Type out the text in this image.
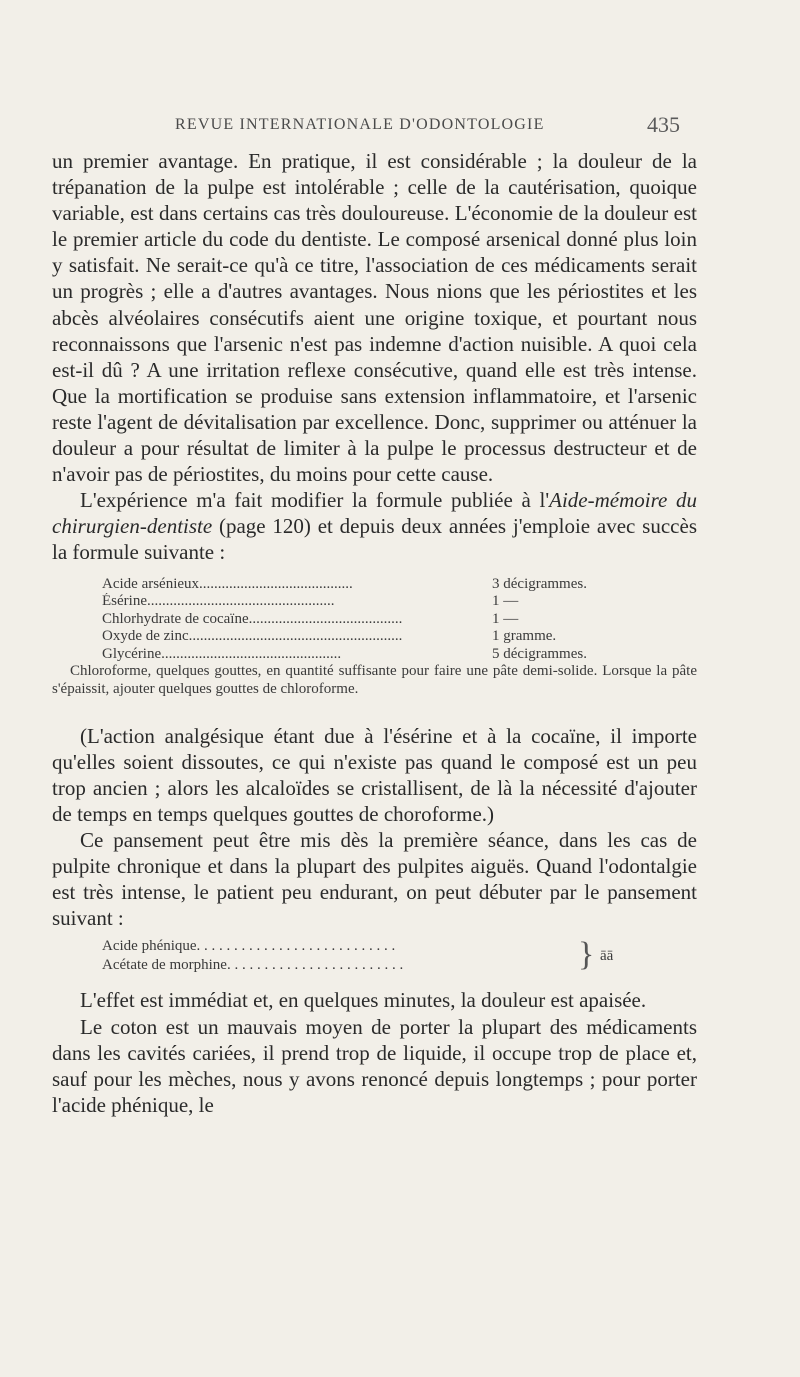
REVUE INTERNATIONALE D'ODONTOLOGIE	435

un premier avantage. En pratique, il est considérable ; la douleur de la trépanation de la pulpe est intolérable ; celle de la cautérisation, quoique variable, est dans certains cas très douloureuse. L'économie de la douleur est le premier article du code du dentiste. Le composé arsenical donné plus loin y satisfait. Ne serait-ce qu'à ce titre, l'association de ces médicaments serait un progrès ; elle a d'autres avantages. Nous nions que les périostites et les abcès alvéolaires consécutifs aient une origine toxique, et pourtant nous reconnaissons que l'arsenic n'est pas indemne d'action nuisible. A quoi cela est-il dû ? A une irritation reflexe consécutive, quand elle est très intense. Que la mortification se produise sans extension inflammatoire, et l'arsenic reste l'agent de dévitalisation par excellence. Donc, supprimer ou atténuer la douleur a pour résultat de limiter à la pulpe le processus destructeur et de n'avoir pas de périostites, du moins pour cette cause.

L'expérience m'a fait modifier la formule publiée à l'Aide-mémoire du chirurgien-dentiste (page 120) et depuis deux années j'emploie avec succès la formule suivante :

Acide arsénieux.........................................	3 décigrammes.
Ésérine..................................................	1 —
Chlorhydrate de cocaïne.........................................	1 —
Oxyde de zinc.........................................................	1 gramme.
Glycérine................................................	5 décigrammes.

Chloroforme, quelques gouttes, en quantité suffisante pour faire une pâte demi-solide. Lorsque la pâte s'épaissit, ajouter quelques gouttes de chloroforme.

(L'action analgésique étant due à l'ésérine et à la cocaïne, il importe qu'elles soient dissoutes, ce qui n'existe pas quand le composé est un peu trop ancien ; alors les alcaloïdes se cristallisent, de là la nécessité d'ajouter de temps en temps quelques gouttes de choroforme.)

Ce pansement peut être mis dès la première séance, dans les cas de pulpite chronique et dans la plupart des pulpites aiguës. Quand l'odontalgie est très intense, le patient peu endurant, on peut débuter par le pansement suivant :

Acide phénique. . . . . . . . . . . . . . . . . . . . . . . . . . .
Acétate de morphine. . . . . . . . . . . . . . . . . . . . . . . .	} āā

L'effet est immédiat et, en quelques minutes, la douleur est apaisée.

Le coton est un mauvais moyen de porter la plupart des médicaments dans les cavités cariées, il prend trop de liquide, il occupe trop de place et, sauf pour les mèches, nous y avons renoncé depuis longtemps ; pour porter l'acide phénique, le
